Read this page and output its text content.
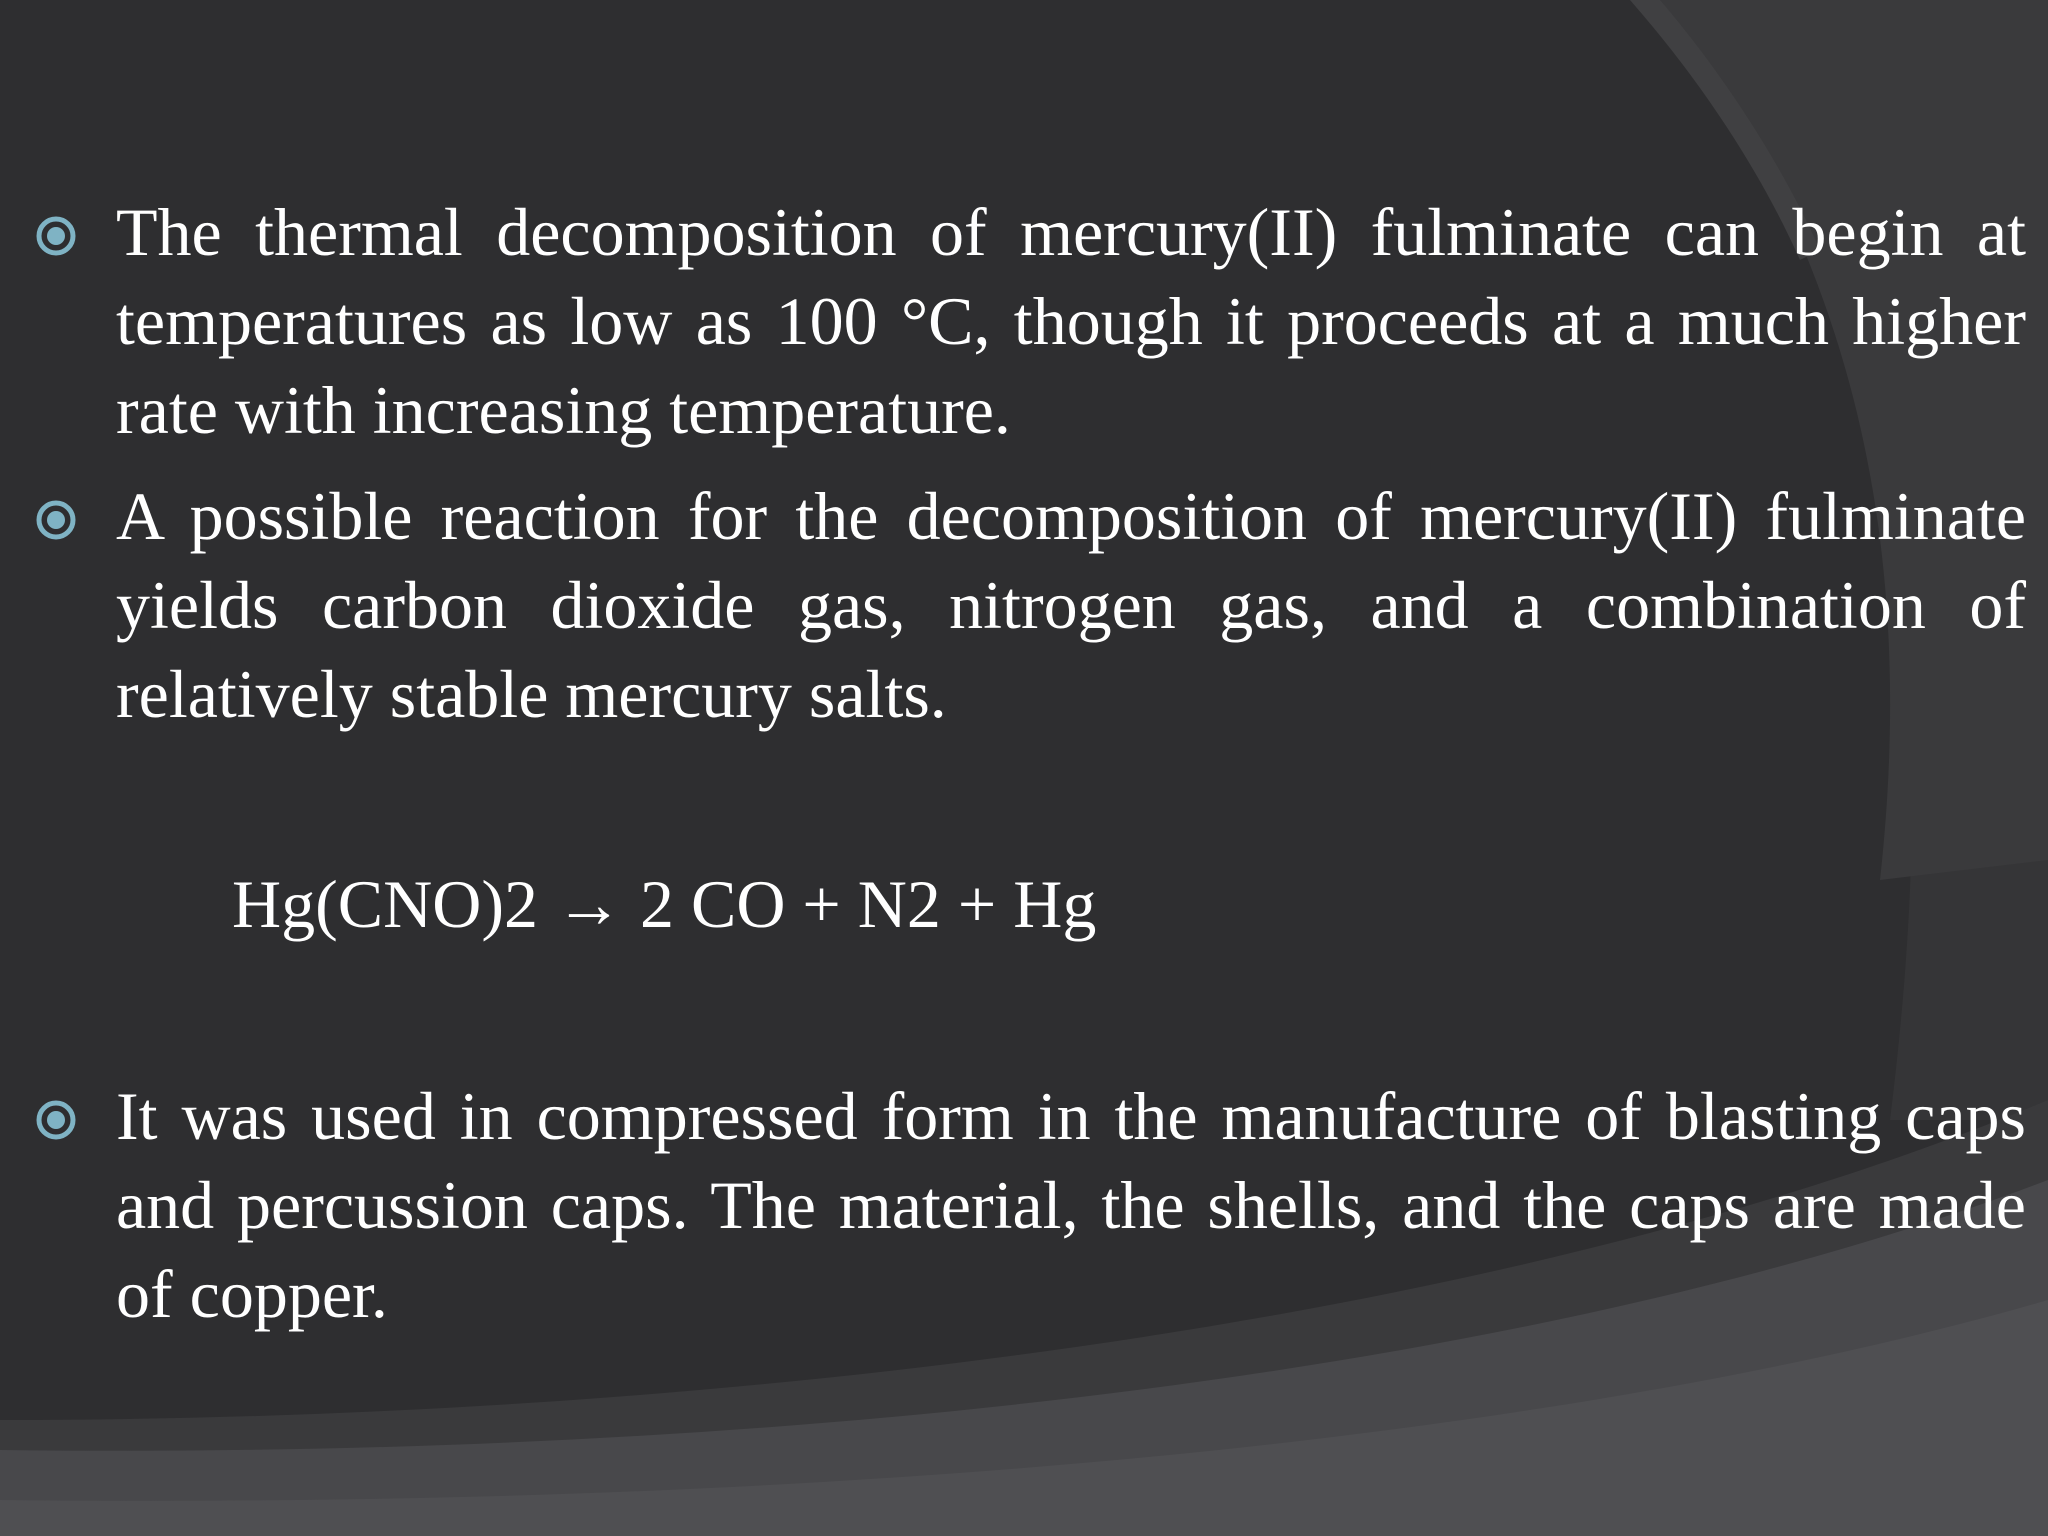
The thermal decomposition of mercury(II) fulminate can begin at temperatures as low as 100 °C, though it proceeds at a much higher rate with increasing temperature.
A possible reaction for the decomposition of mercury(II) fulminate yields carbon dioxide gas, nitrogen gas, and a combination of relatively stable mercury salts.
Hg(CNO)2 → 2 CO + N2 + Hg
It was used in compressed form in the manufacture of blasting caps and percussion caps. The material, the shells, and the caps are made of copper.
